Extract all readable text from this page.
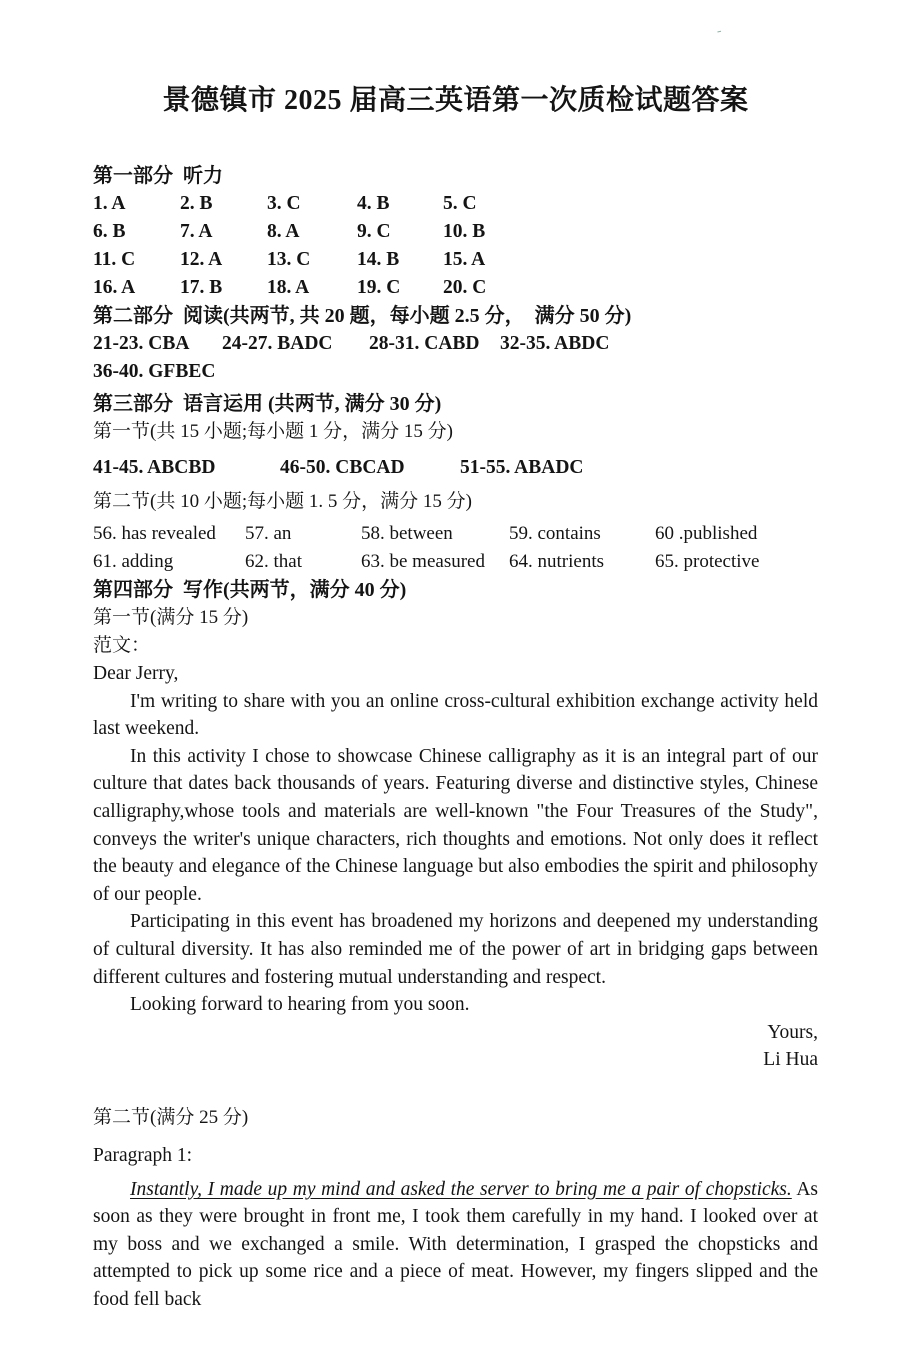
-
景德镇市 2025 届高三英语第一次质检试题答案
第一部分  听力
1. A	2. B	3. C	4. B	5. C
6. B	7. A	8. A	9. C	10. B
11. C	12. A	13. C	14. B	15. A
16. A	17. B	18. A	19. C	20. C
第二部分  阅读(共两节, 共 20 题，每小题 2.5 分，  满分 50 分)
21-23. CBA	24-27. BADC	28-31. CABD	32-35. ABDC
36-40. GFBEC
第三部分  语言运用 (共两节, 满分 30 分)
第一节(共 15 小题;每小题 1 分，满分 15 分)
41-45. ABCBD	46-50. CBCAD	51-55. ABADC
第二节(共 10 小题;每小题 1. 5 分，满分 15 分)
56. has revealed	57. an	58. between	59. contains	60 .published
61. adding	62. that	63. be measured	64. nutrients	65. protective
第四部分  写作(共两节，满分 40 分)
第一节(满分 15 分)
范文：

Dear Jerry,

I'm writing to share with you an online cross-cultural exhibition exchange activity held last weekend.

In this activity I chose to showcase Chinese calligraphy as it is an integral part of our culture that dates back thousands of years. Featuring diverse and distinctive styles, Chinese calligraphy,whose tools and materials are well-known "the Four Treasures of the Study", conveys the writer's unique characters, rich thoughts and emotions. Not only does it reflect the beauty and elegance of the Chinese language but also embodies the spirit and philosophy of our people.

Participating in this event has broadened my horizons and deepened my understanding of cultural diversity. It has also reminded me of the power of art in bridging gaps between different cultures and fostering mutual understanding and respect.

Looking forward to hearing from you soon.

Yours,

Li Hua

第二节(满分 25 分)
Paragraph 1:

Instantly, I made up my mind and asked the server to bring me a pair of chopsticks. As soon as they were brought in front me, I took them carefully in my hand. I looked over at my boss and we exchanged a smile. With determination, I grasped the chopsticks and attempted to pick up some rice and a piece of meat. However, my fingers slipped and the food fell back
